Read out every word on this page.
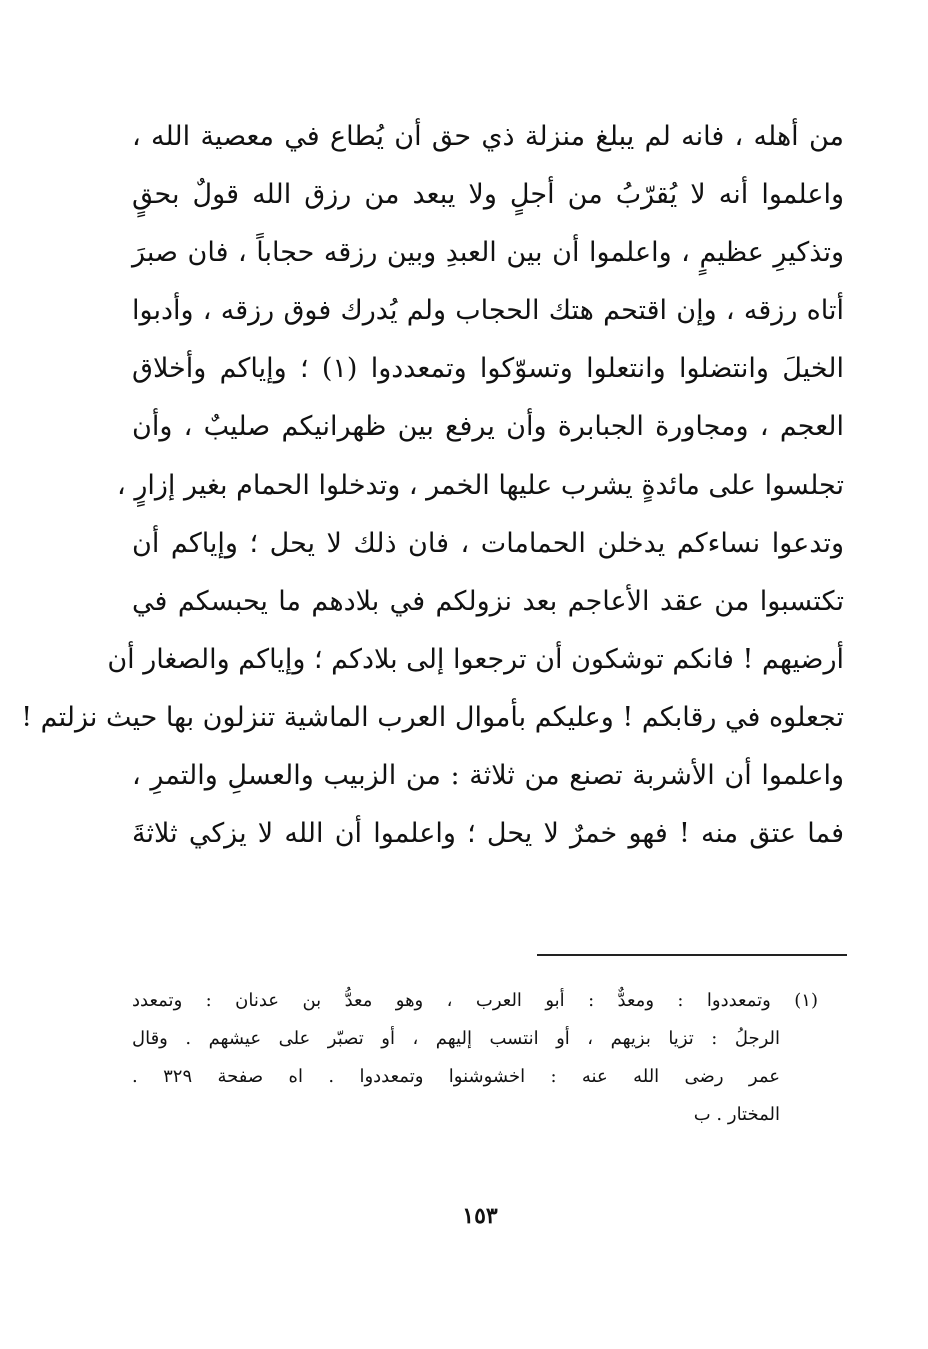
من أهله ، فانه لم يبلغ منزلة ذي حق أن يُطاع في معصية الله ،
واعلموا أنه لا يُقرّبُ من أجلٍ ولا يبعد من رزق الله قولٌ بحقٍ
وتذكيرِ عظيمٍ ، واعلموا أن بين العبدِ وبين رزقه حجاباً ، فان صبرَ
أتاه رزقه ، وإن اقتحم هتك الحجاب ولم يُدرك فوق رزقه ، وأدبوا
الخيلَ وانتضلوا وانتعلوا وتسوّكوا وتمعددوا (١) ؛ وإياكم وأخلاق
العجم ، ومجاورة الجبابرة وأن يرفع بين ظهرانيكم صليبٌ ، وأن
تجلسوا على مائدةٍ يشرب عليها الخمر ، وتدخلوا الحمام بغير إزارٍ ،
وتدعوا نساءكم يدخلن الحمامات ، فان ذلك لا يحل ؛ وإياكم أن
تكتسبوا من عقد الأعاجم بعد نزولكم في بلادهم ما يحبسكم في
أرضيهم ! فانكم توشكون أن ترجعوا إلى بلادكم ؛ وإياكم والصغار أن
تجعلوه في رقابكم ! وعليكم بأموال العرب الماشية تنزلون بها حيث نزلتم !
واعلموا أن الأشربة تصنع من ثلاثة : من الزبيب والعسلِ والتمرِ ،
فما عتق منه ! فهو خمرٌ لا يحل ؛ واعلموا أن الله لا يزكي ثلاثةَ
(١) وتمعددوا : ومعدٌّ : أبو العرب ، وهو معدُّ بن عدنان : وتمعدد
الرجلُ : تزيا بزيهم ، أو انتسب إليهم ، أو تصبّر على عيشهم . وقال
عمر رضى الله عنه : اخشوشنوا وتمعددوا . اه صفحة ٣٢٩ .
المختار . ب
١٥٣
